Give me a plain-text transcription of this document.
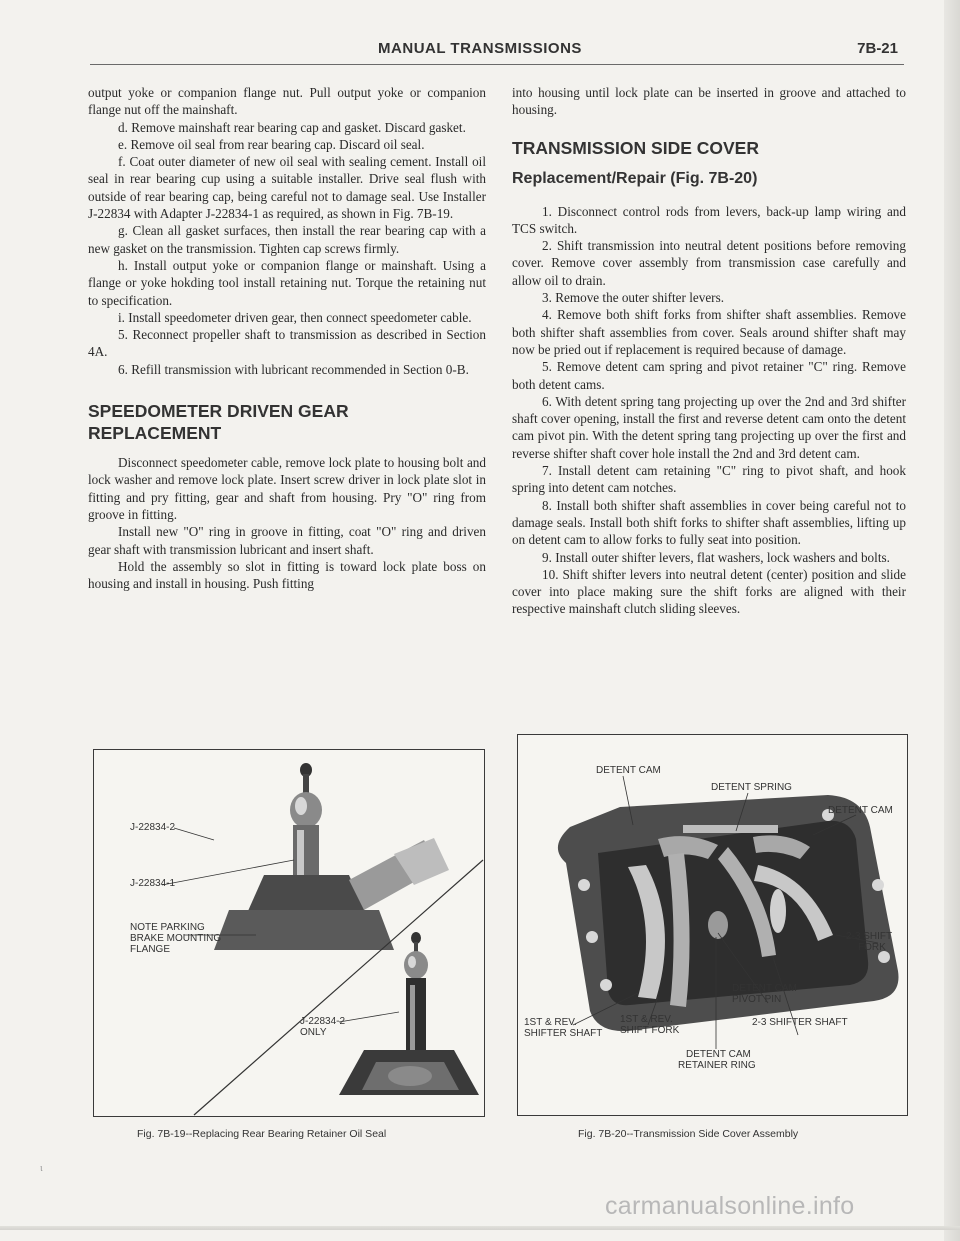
MANUAL TRANSMISSIONS	7B-21

output yoke or companion flange nut. Pull output yoke or companion flange nut off the mainshaft.

d. Remove mainshaft rear bearing cap and gasket. Discard gasket.

e. Remove oil seal from rear bearing cap. Discard oil seal.

f. Coat outer diameter of new oil seal with sealing cement. Install oil seal in rear bearing cup using a suitable installer. Drive seal flush with outside of rear bearing cap, being careful not to damage seal. Use Installer J-22834 with Adapter J-22834-1 as required, as shown in Fig. 7B-19.

g. Clean all gasket surfaces, then install the rear bearing cap with a new gasket on the transmission. Tighten cap screws firmly.

h. Install output yoke or companion flange or mainshaft. Using a flange or yoke hokding tool install retaining nut. Torque the retaining nut to specification.

i. Install speedometer driven gear, then connect speedometer cable.

5. Reconnect propeller shaft to transmission as described in Section 4A.

6. Refill transmission with lubricant recommended in Section 0-B.

SPEEDOMETER DRIVEN GEAR

REPLACEMENT

Disconnect speedometer cable, remove lock plate to housing bolt and lock washer and remove lock plate. Insert screw driver in lock plate slot in fitting and pry fitting, gear and shaft from housing. Pry "O" ring from groove in fitting.

Install new "O" ring in groove in fitting, coat "O" ring and driven gear shaft with transmission lubricant and insert shaft.

Hold the assembly so slot in fitting is toward lock plate boss on housing and install in housing. Push fitting

into housing until lock plate can be inserted in groove and attached to housing.

TRANSMISSION SIDE COVER

Replacement/Repair (Fig. 7B-20)

1. Disconnect control rods from levers, back-up lamp wiring and TCS switch.

2. Shift transmission into neutral detent positions before removing cover. Remove cover assembly from transmission case carefully and allow oil to drain.

3. Remove the outer shifter levers.

4. Remove both shift forks from shifter shaft assemblies. Remove both shifter shaft assemblies from cover. Seals around shifter shaft may now be pried out if replacement is required because of damage.

5. Remove detent cam spring and pivot retainer "C" ring. Remove both detent cams.

6. With detent spring tang projecting up over the 2nd and 3rd shifter shaft cover opening, install the first and reverse detent cam onto the detent cam pivot pin. With the detent spring tang projecting up over the first and reverse shifter shaft cover hole install the 2nd and 3rd detent cam.

7. Install detent cam retaining "C" ring to pivot shaft, and hook spring into detent cam notches.

8. Install both shifter shaft assemblies in cover being careful not to damage seals. Install both shift forks to shifter shaft assemblies, lifting up on detent cam to allow forks to fully seat into position.

9. Install outer shifter levers, flat washers, lock washers and bolts.

10. Shift shifter levers into neutral detent (center) position and slide cover into place making sure the shift forks are aligned with their respective mainshaft clutch sliding sleeves.

J-22834-2
J-22834-1
NOTE PARKING
BRAKE MOUNTING
FLANGE
J-22834-2
ONLY
Fig. 7B-19--Replacing Rear Bearing Retainer Oil Seal
DETENT CAM
DETENT SPRING
DETENT CAM
2-3 SHIFT
FORK
DETENT CAM
PIVOT PIN
1ST & REV.
SHIFTER SHAFT
1ST & REV.
SHIFT FORK
2-3 SHIFTER SHAFT
DETENT CAM
RETAINER RING
Fig. 7B-20--Transmission Side Cover Assembly
ɩ
carmanualsonline.info
